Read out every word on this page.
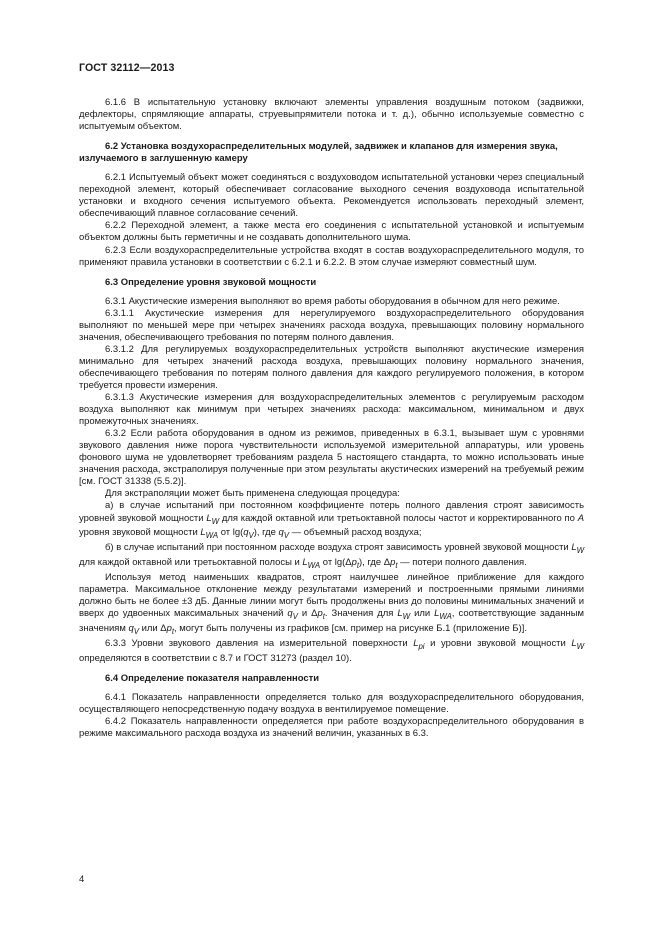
ГОСТ 32112—2013

6.1.6 В испытательную установку включают элементы управления воздушным потоком (задвижки, дефлекторы, спрямляющие аппараты, струевыпрямители потока и т. д.), обычно используемые совместно с испытуемым объектом.

6.2 Установка воздухораспределительных модулей, задвижек и клапанов для измерения звука, излучаемого в заглушенную камеру

6.2.1 Испытуемый объект может соединяться с воздуховодом испытательной установки через специальный переходной элемент, который обеспечивает согласование выходного сечения воздуховода испытательной установки и входного сечения испытуемого объекта. Рекомендуется использовать переходный элемент, обеспечивающий плавное согласование сечений.

6.2.2 Переходной элемент, а также места его соединения с испытательной установкой и испытуемым объектом должны быть герметичны и не создавать дополнительного шума.

6.2.3 Если воздухораспределительные устройства входят в состав воздухораспределительного модуля, то применяют правила установки в соответствии с 6.2.1 и 6.2.2. В этом случае измеряют совместный шум.

6.3 Определение уровня звуковой мощности

6.3.1 Акустические измерения выполняют во время работы оборудования в обычном для него режиме.

6.3.1.1 Акустические измерения для нерегулируемого воздухораспределительного оборудования выполняют по меньшей мере при четырех значениях расхода воздуха, превышающих половину нормального значения, обеспечивающего требования по потерям полного давления.

6.3.1.2 Для регулируемых воздухораспределительных устройств выполняют акустические измерения минимально для четырех значений расхода воздуха, превышающих половину нормального значения, обеспечивающего требования по потерям полного давления для каждого регулируемого положения, в котором требуется провести измерения.

6.3.1.3 Акустические измерения для воздухораспределительных элементов с регулируемым расходом воздуха выполняют как минимум при четырех значениях расхода: максимальном, минимальном и двух промежуточных значениях.

6.3.2 Если работа оборудования в одном из режимов, приведенных в 6.3.1, вызывает шум с уровнями звукового давления ниже порога чувствительности используемой измерительной аппаратуры, или уровень фонового шума не удовлетворяет требованиям раздела 5 настоящего стандарта, то можно использовать иные значения расхода, экстраполируя полученные при этом результаты акустических измерений на требуемый режим [см. ГОСТ 31338 (5.5.2)].

Для экстраполяции может быть применена следующая процедура:

а) в случае испытаний при постоянном коэффициенте потерь полного давления строят зависимость уровней звуковой мощности $L_W$ для каждой октавной или третьоктавной полосы частот и корректированного по A уровня звуковой мощности $L_{WA}$ от $\lg(q_V)$, где $q_V$ — объемный расход воздуха;

б) в случае испытаний при постоянном расходе воздуха строят зависимость уровней звуковой мощности $L_W$ для каждой октавной или третьоктавной полосы и $L_{WA}$ от $\lg(\Delta p_t)$, где $\Delta p_t$ — потери полного давления.

Используя метод наименьших квадратов, строят наилучшее линейное приближение для каждого параметра. Максимальное отклонение между результатами измерений и построенными прямыми линиями должно быть не более ±3 дБ. Данные линии могут быть продолжены вниз до половины минимальных значений и вверх до удвоенных максимальных значений $q_V$ и $\Delta p_t$. Значения для $L_W$ или $L_{WA}$, соответствующие заданным значениям $q_V$ или $\Delta p_t$, могут быть получены из графиков [см. пример на рисунке Б.1 (приложение Б)].

6.3.3 Уровни звукового давления на измерительной поверхности $L_{pi}$ и уровни звуковой мощности $L_W$ определяются в соответствии с 8.7 и ГОСТ 31273 (раздел 10).

6.4 Определение показателя направленности

6.4.1 Показатель направленности определяется только для воздухораспределительного оборудования, осуществляющего непосредственную подачу воздуха в вентилируемое помещение.

6.4.2 Показатель направленности определяется при работе воздухораспределительного оборудования в режиме максимального расхода воздуха из значений величин, указанных в 6.3.

4
